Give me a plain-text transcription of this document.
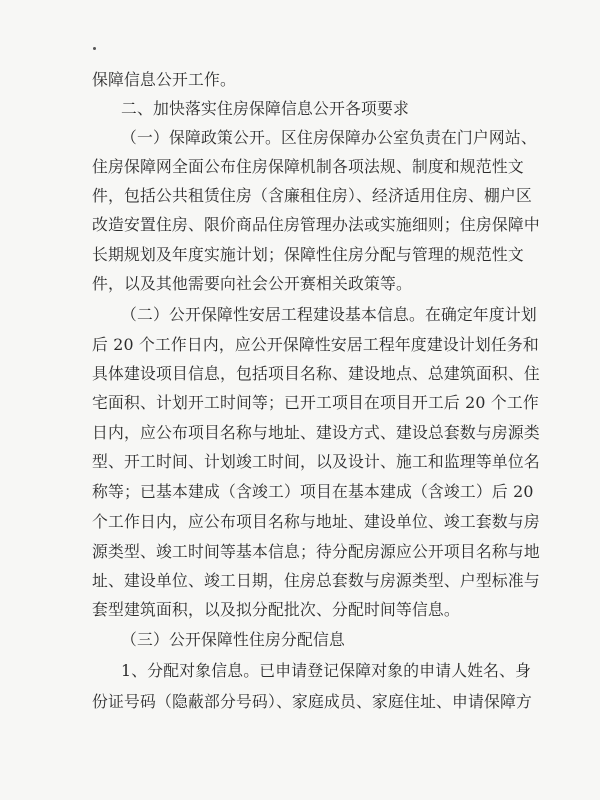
保障信息公开工作。
二、加快落实住房保障信息公开各项要求
（一）保障政策公开。区住房保障办公室负责在门户网站、
住房保障网全面公布住房保障机制各项法规、制度和规范性文
件，包括公共租赁住房（含廉租住房）、经济适用住房、棚户区
改造安置住房、限价商品住房管理办法或实施细则；住房保障中
长期规划及年度实施计划；保障性住房分配与管理的规范性文
件，以及其他需要向社会公开赛相关政策等。
（二）公开保障性安居工程建设基本信息。在确定年度计划
后 20 个工作日内，应公开保障性安居工程年度建设计划任务和
具体建设项目信息，包括项目名称、建设地点、总建筑面积、住
宅面积、计划开工时间等；已开工项目在项目开工后 20 个工作
日内，应公布项目名称与地址、建设方式、建设总套数与房源类
型、开工时间、计划竣工时间，以及设计、施工和监理等单位名
称等；已基本建成（含竣工）项目在基本建成（含竣工）后 20
个工作日内，应公布项目名称与地址、建设单位、竣工套数与房
源类型、竣工时间等基本信息；待分配房源应公开项目名称与地
址、建设单位、竣工日期，住房总套数与房源类型、户型标准与
套型建筑面积，以及拟分配批次、分配时间等信息。
（三）公开保障性住房分配信息
1、分配对象信息。已申请登记保障对象的申请人姓名、身
份证号码（隐蔽部分号码）、家庭成员、家庭住址、申请保障方
